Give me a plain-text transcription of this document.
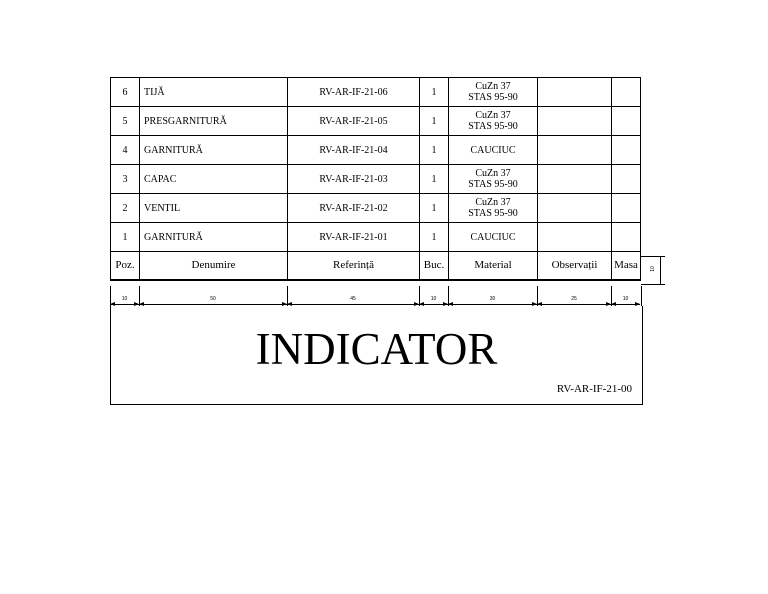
6	TIJĂ	RV-AR-IF-21-06	1	CuZn 37
STAS 95-90		

5	PRESGARNITURĂ	RV-AR-IF-21-05	1	CuZn 37
STAS 95-90		

4	GARNITURĂ	RV-AR-IF-21-04	1	CAUCIUC		

3	CAPAC	RV-AR-IF-21-03	1	CuZn 37
STAS 95-90		

2	VENTIL	RV-AR-IF-21-02	1	CuZn 37
STAS 95-90		

1	GARNITURĂ	RV-AR-IF-21-01	1	CAUCIUC		

Poz.	Denumire	Referință	Buc.	Material	Observații	Masa 10
10	50	45	10	30	25	10
INDICATOR
RV-AR-IF-21-00
